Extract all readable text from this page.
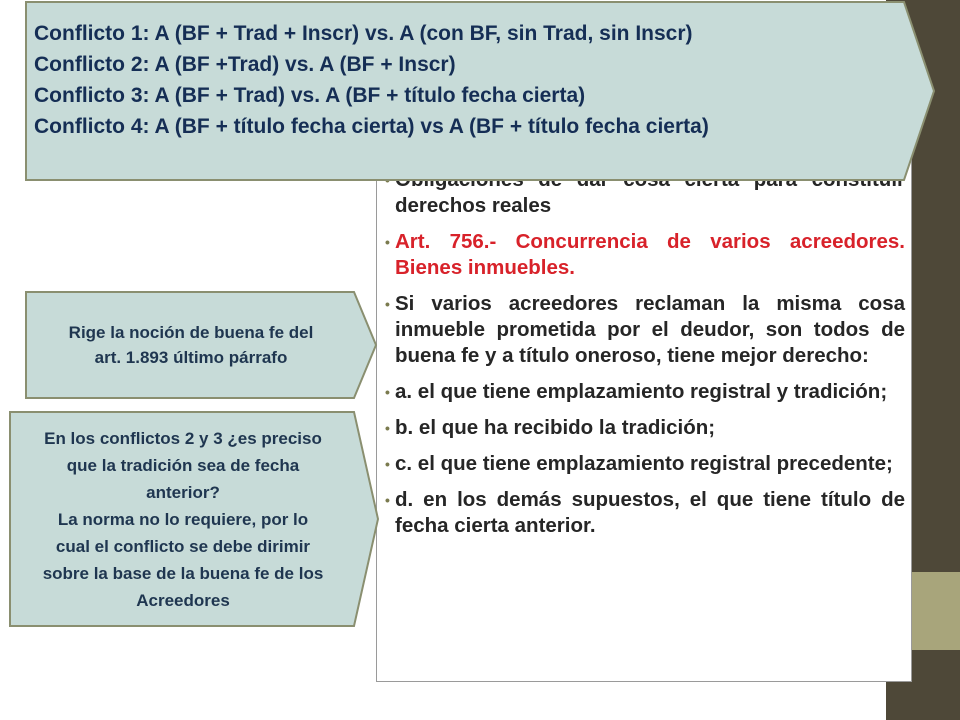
derechos reales
• Art. 756.- Concurrencia de varios acreedores. Bienes inmuebles.
• Si varios acreedores reclaman la misma cosa inmueble prometida por el deudor, son todos de buena fe y a título oneroso, tiene mejor derecho:
• a. el que tiene emplazamiento registral y tradición;
• b. el que ha recibido la tradición;
• c. el que tiene emplazamiento registral precedente;
• d. en los demás supuestos, el que tiene título de fecha cierta anterior.
Conflicto 1: A (BF + Trad + Inscr) vs. A (con BF, sin Trad, sin Inscr)
Conflicto 2: A (BF +Trad) vs. A (BF + Inscr)
Conflicto 3: A (BF + Trad) vs. A (BF + título fecha cierta)
Conflicto 4: A (BF + título fecha cierta) vs A (BF + título fecha cierta)
Rige la noción de buena fe del
art. 1.893 último párrafo
En los conflictos 2 y 3 ¿es preciso
que la tradición sea de fecha
anterior?
La norma no lo requiere, por lo
cual el conflicto se debe dirimir
sobre la base de la buena fe de los
Acreedores
